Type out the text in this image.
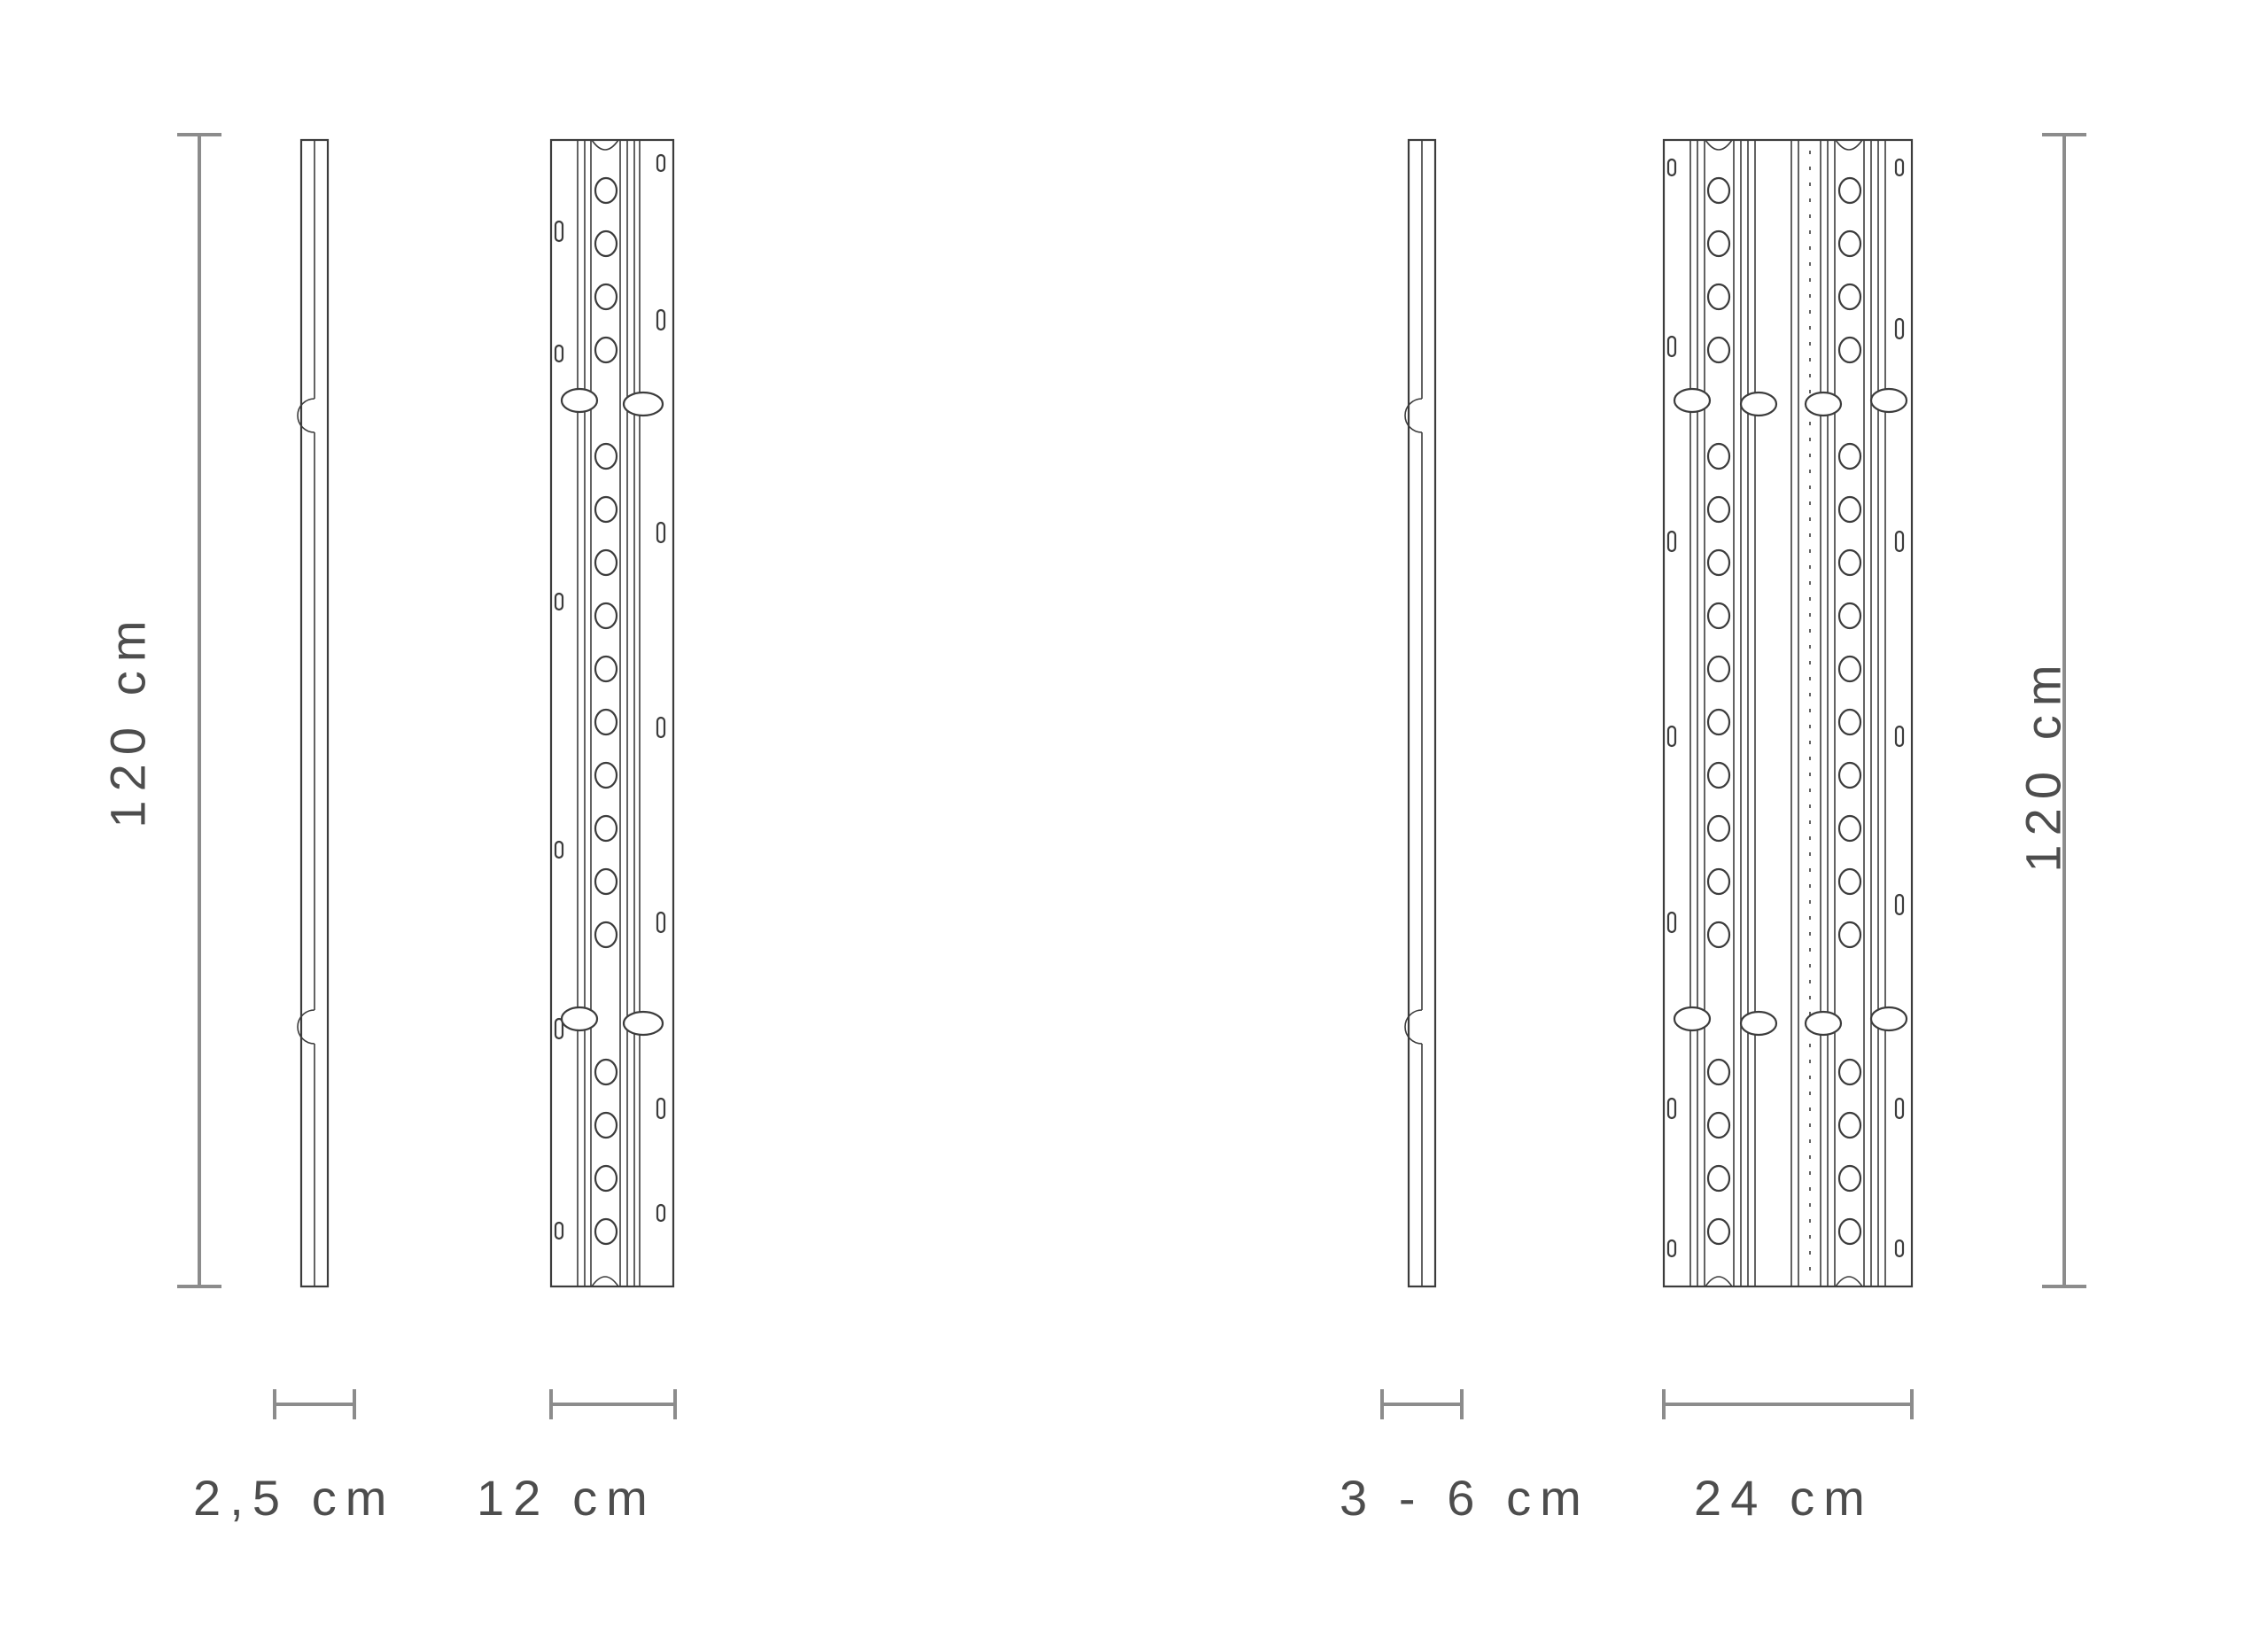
120 cm	120 cm
2,5 cm 12 cm	3 - 6 cm 24 cm
